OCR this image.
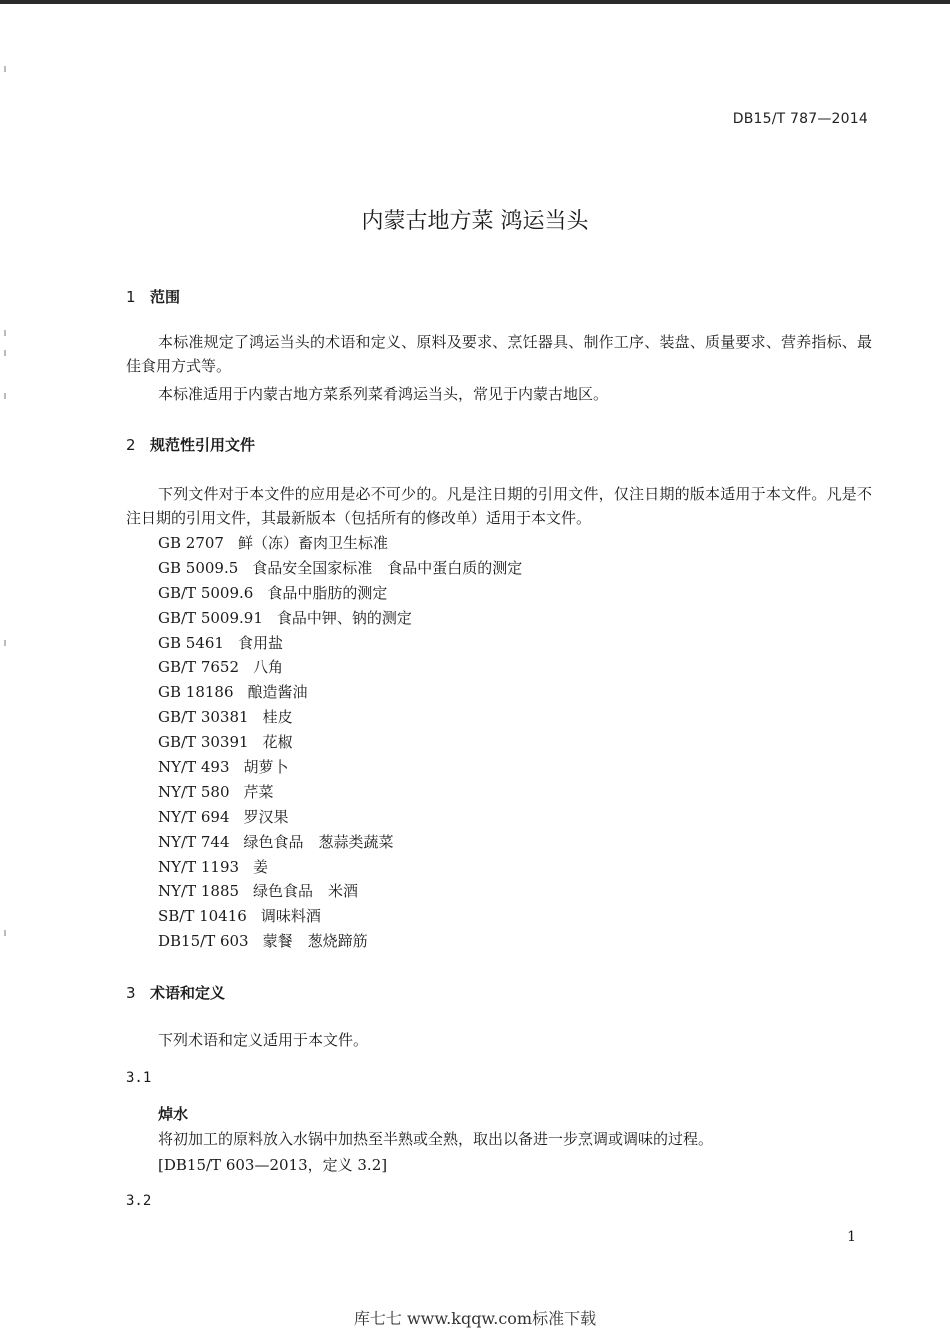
DB15/T 787—2014
内蒙古地方菜 鸿运当头
1 范围

本标准规定了鸿运当头的术语和定义、原料及要求、烹饪器具、制作工序、装盘、质量要求、营养指标、最佳食用方式等。

本标准适用于内蒙古地方菜系列菜肴鸿运当头，常见于内蒙古地区。

2 规范性引用文件

下列文件对于本文件的应用是必不可少的。凡是注日期的引用文件，仅注日期的版本适用于本文件。凡是不注日期的引用文件，其最新版本（包括所有的修改单）适用于本文件。

GB 2707 鲜（冻）畜肉卫生标准
GB 5009.5 食品安全国家标准　食品中蛋白质的测定
GB/T 5009.6 食品中脂肪的测定
GB/T 5009.91 食品中钾、钠的测定
GB 5461 食用盐
GB/T 7652 八角
GB 18186 酿造酱油
GB/T 30381 桂皮
GB/T 30391 花椒
NY/T 493 胡萝卜
NY/T 580 芹菜
NY/T 694 罗汉果
NY/T 744 绿色食品　葱蒜类蔬菜
NY/T 1193 姜
NY/T 1885 绿色食品　米酒
SB/T 10416 调味料酒
DB15/T 603 蒙餐　葱烧蹄筋
3 术语和定义

下列术语和定义适用于本文件。

3.1
焯水
将初加工的原料放入水锅中加热至半熟或全熟，取出以备进一步烹调或调味的过程。
[DB15/T 603—2013，定义 3.2]
3.2
1
库七七 www.kqqw.com标准下载
